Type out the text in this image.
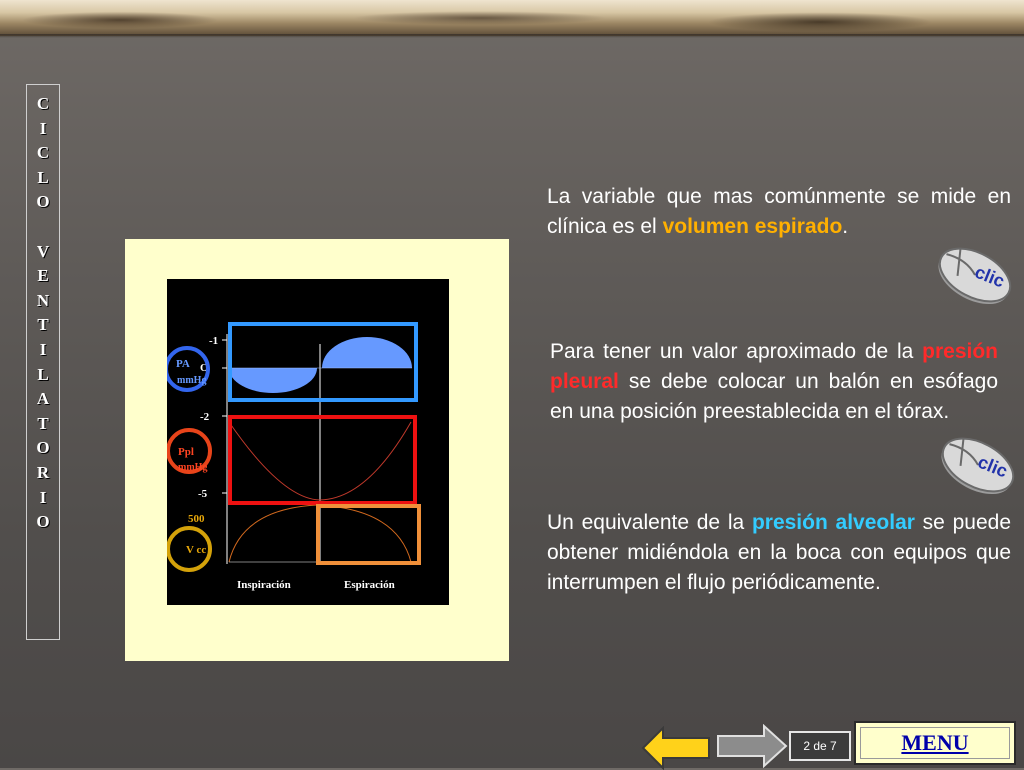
C
I
C
L
O
V
E
N
T
I
L
A
T
O
R
I
O
-1
O
-2
-5
PA
mmHg
Ppl
mmHg
500
V cc
Inspiración	Espiración
La variable que mas comúnmente se mide en clínica es el volumen espirado.
clic
Para tener un valor aproximado de la presión pleural se debe colocar un balón en esófago en una posición preestablecida en el tórax.
clic
Un equivalente de la presión alveolar se puede obtener midiéndola en la boca con equipos que interrumpen el flujo periódicamente.
2 de 7	MENU
